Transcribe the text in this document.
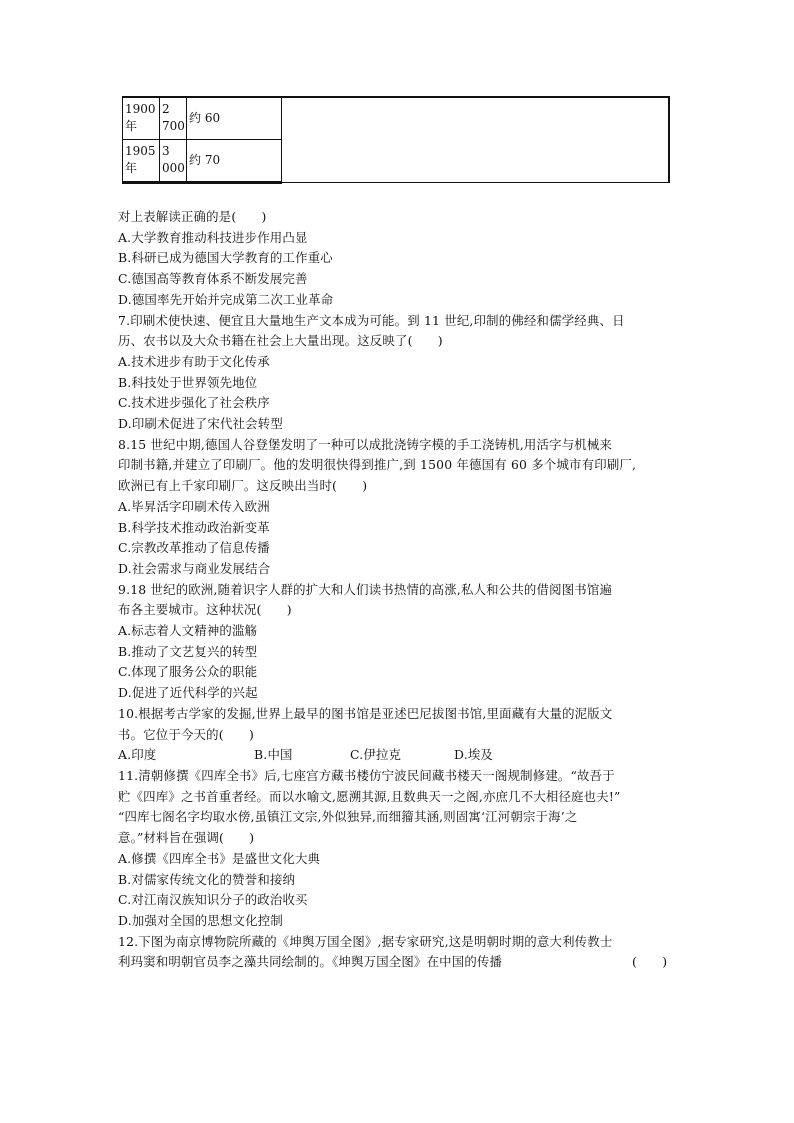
1900年	2 700	约 60	
1905年	3 000	约 70	
对上表解读正确的是(　　)
A.大学教育推动科技进步作用凸显
B.科研已成为德国大学教育的工作重心
C.德国高等教育体系不断发展完善
D.德国率先开始并完成第二次工业革命
7.印刷术使快速、便宜且大量地生产文本成为可能。到 11 世纪,印制的佛经和儒学经典、日
历、农书以及大众书籍在社会上大量出现。这反映了(　　)
A.技术进步有助于文化传承
B.科技处于世界领先地位
C.技术进步强化了社会秩序
D.印刷术促进了宋代社会转型
8.15 世纪中期,德国人谷登堡发明了一种可以成批浇铸字模的手工浇铸机,用活字与机械来
印制书籍,并建立了印刷厂。他的发明很快得到推广,到 1500 年德国有 60 多个城市有印刷厂,
欧洲已有上千家印刷厂。这反映出当时(　　)
A.毕昇活字印刷术传入欧洲
B.科学技术推动政治新变革
C.宗教改革推动了信息传播
D.社会需求与商业发展结合
9.18 世纪的欧洲,随着识字人群的扩大和人们读书热情的高涨,私人和公共的借阅图书馆遍
布各主要城市。这种状况(　　)
A.标志着人文精神的滥觞
B.推动了文艺复兴的转型
C.体现了服务公众的职能
D.促进了近代科学的兴起
10.根据考古学家的发掘,世界上最早的图书馆是亚述巴尼拔图书馆,里面藏有大量的泥版文
书。它位于今天的(　　)
A.印度	B.中国	C.伊拉克	D.埃及
11.清朝修撰《四库全书》后,七座宫方藏书楼仿宁波民间藏书楼天一阁规制修建。“故吾于
贮《四库》之书首重者经。而以水喻文,愿溯其源,且数典天一之阁,亦庶几不大相径庭也夫!”
“四库七阁名字均取水傍,虽镇江文宗,外似独异,而细籀其涵,则固寓‘江河朝宗于海’之
意。”材料旨在强调(　　)
A.修撰《四库全书》是盛世文化大典
B.对儒家传统文化的赞誉和接纳
C.对江南汉族知识分子的政治收买
D.加强对全国的思想文化控制
12.下图为南京博物院所藏的《坤舆万国全图》,据专家研究,这是明朝时期的意大利传教士
利玛窦和明朝官员李之藻共同绘制的。《坤舆万国全图》在中国的传播	(　　)
